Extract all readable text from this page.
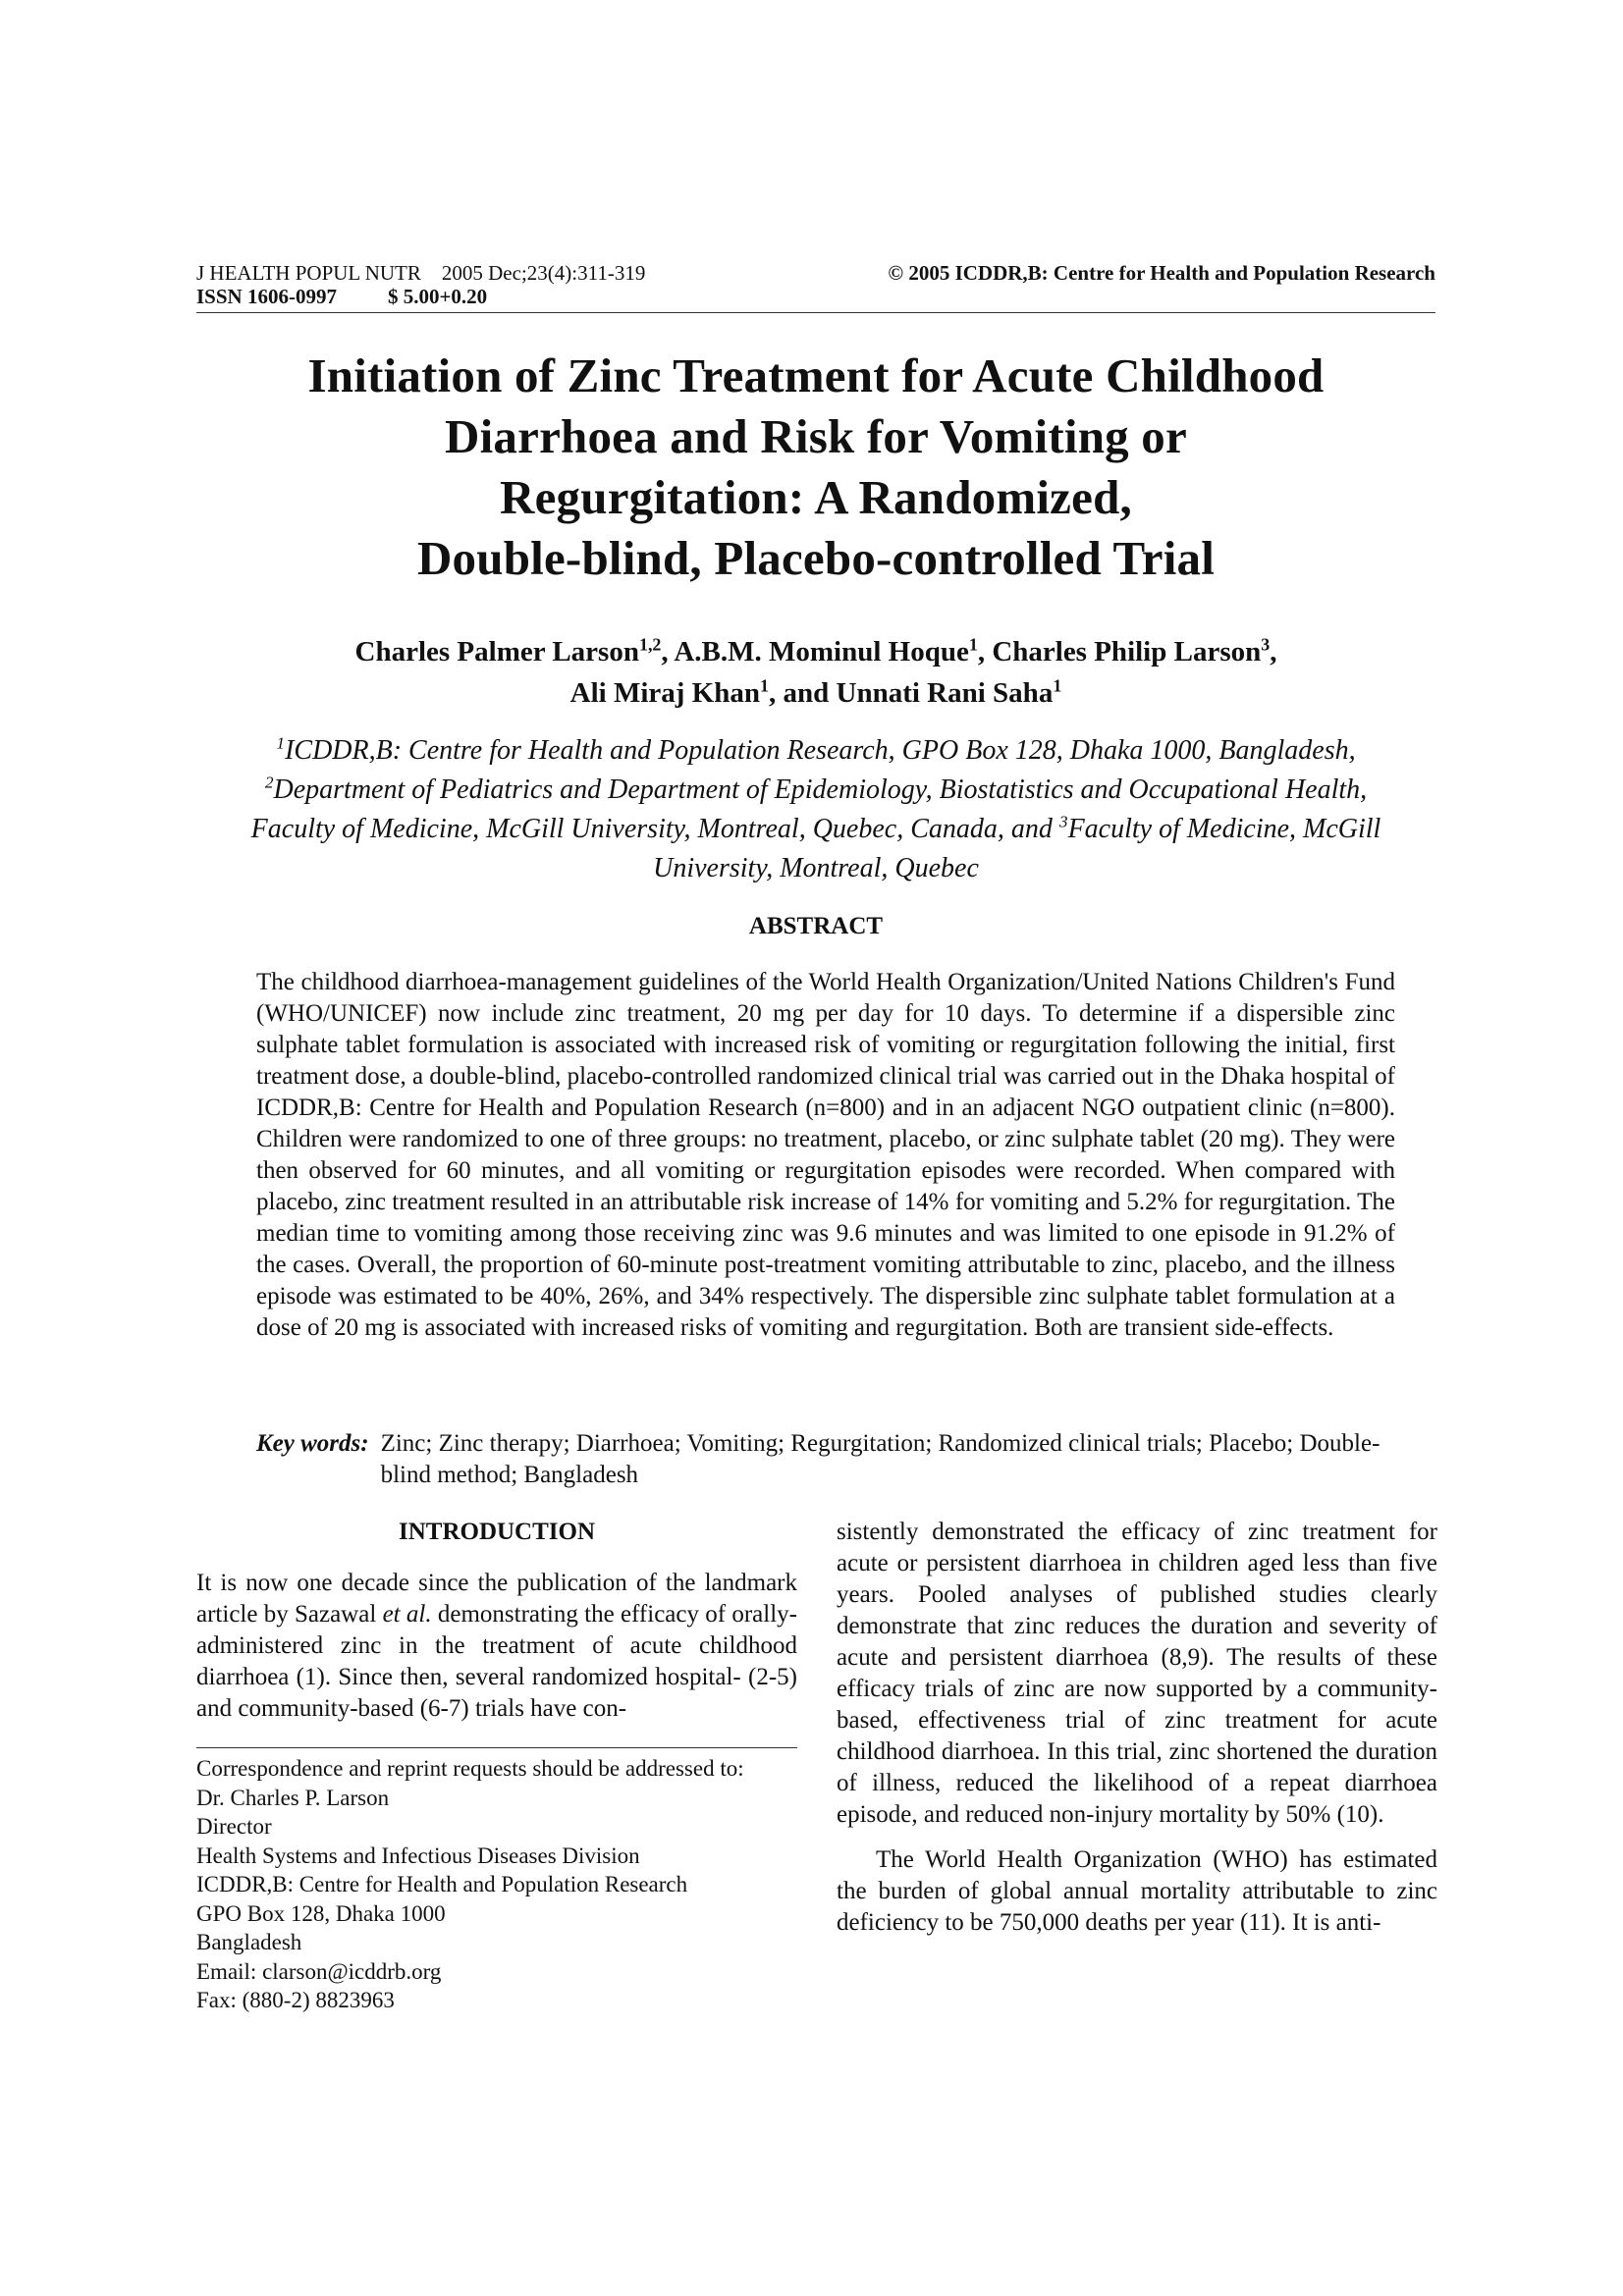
J HEALTH POPUL NUTR 2005 Dec;23(4):311-319	© 2005 ICDDR,B: Centre for Health and Population Research
ISSN 1606-0997 $ 5.00+0.20
Initiation of Zinc Treatment for Acute Childhood
Diarrhoea and Risk for Vomiting or
Regurgitation: A Randomized,
Double-blind, Placebo-controlled Trial
Charles Palmer Larson$^{1,2}$, A.B.M. Mominul Hoque$^1$, Charles Philip Larson$^3$,
Ali Miraj Khan$^1$, and Unnati Rani Saha$^1$
$^1$ICDDR,B: Centre for Health and Population Research, GPO Box 128, Dhaka 1000, Bangladesh, $^2$Department of Pediatrics and Department of Epidemiology, Biostatistics and Occupational Health, Faculty of Medicine, McGill University, Montreal, Quebec, Canada, and $^3$Faculty of Medicine, McGill University, Montreal, Quebec
ABSTRACT
The childhood diarrhoea-management guidelines of the World Health Organization/United Nations Children's Fund (WHO/UNICEF) now include zinc treatment, 20 mg per day for 10 days. To determine if a dispersible zinc sulphate tablet formulation is associated with increased risk of vomiting or regurgitation following the initial, first treatment dose, a double-blind, placebo-controlled randomized clinical trial was carried out in the Dhaka hospital of ICDDR,B: Centre for Health and Population Research (n=800) and in an adjacent NGO outpatient clinic (n=800). Children were randomized to one of three groups: no treatment, placebo, or zinc sulphate tablet (20 mg). They were then observed for 60 minutes, and all vomiting or regurgitation episodes were recorded. When compared with placebo, zinc treatment resulted in an attributable risk increase of 14% for vomiting and 5.2% for regurgitation. The median time to vomiting among those receiving zinc was 9.6 minutes and was limited to one episode in 91.2% of the cases. Overall, the proportion of 60-minute post-treatment vomiting attributable to zinc, placebo, and the illness episode was estimated to be 40%, 26%, and 34% respectively. The dispersible zinc sulphate tablet formulation at a dose of 20 mg is associated with increased risks of vomiting and regurgitation. Both are transient side-effects.
Key words: Zinc; Zinc therapy; Diarrhoea; Vomiting; Regurgitation; Randomized clinical trials; Placebo; Double-blind method; Bangladesh
INTRODUCTION

It is now one decade since the publication of the landmark article by Sazawal et al. demonstrating the efficacy of orally-administered zinc in the treatment of acute childhood diarrhoea (1). Since then, several randomized hospital- (2-5) and community-based (6-7) trials have con-

Correspondence and reprint requests should be addressed to:
Dr. Charles P. Larson
Director
Health Systems and Infectious Diseases Division
ICDDR,B: Centre for Health and Population Research
GPO Box 128, Dhaka 1000
Bangladesh
Email: clarson@icddrb.org
Fax: (880-2) 8823963

sistently demonstrated the efficacy of zinc treatment for acute or persistent diarrhoea in children aged less than five years. Pooled analyses of published studies clearly demonstrate that zinc reduces the duration and severity of acute and persistent diarrhoea (8,9). The results of these efficacy trials of zinc are now supported by a community-based, effectiveness trial of zinc treatment for acute childhood diarrhoea. In this trial, zinc shortened the duration of illness, reduced the likelihood of a repeat diarrhoea episode, and reduced non-injury mortality by 50% (10).

The World Health Organization (WHO) has estimated the burden of global annual mortality attributable to zinc deficiency to be 750,000 deaths per year (11). It is anti-
